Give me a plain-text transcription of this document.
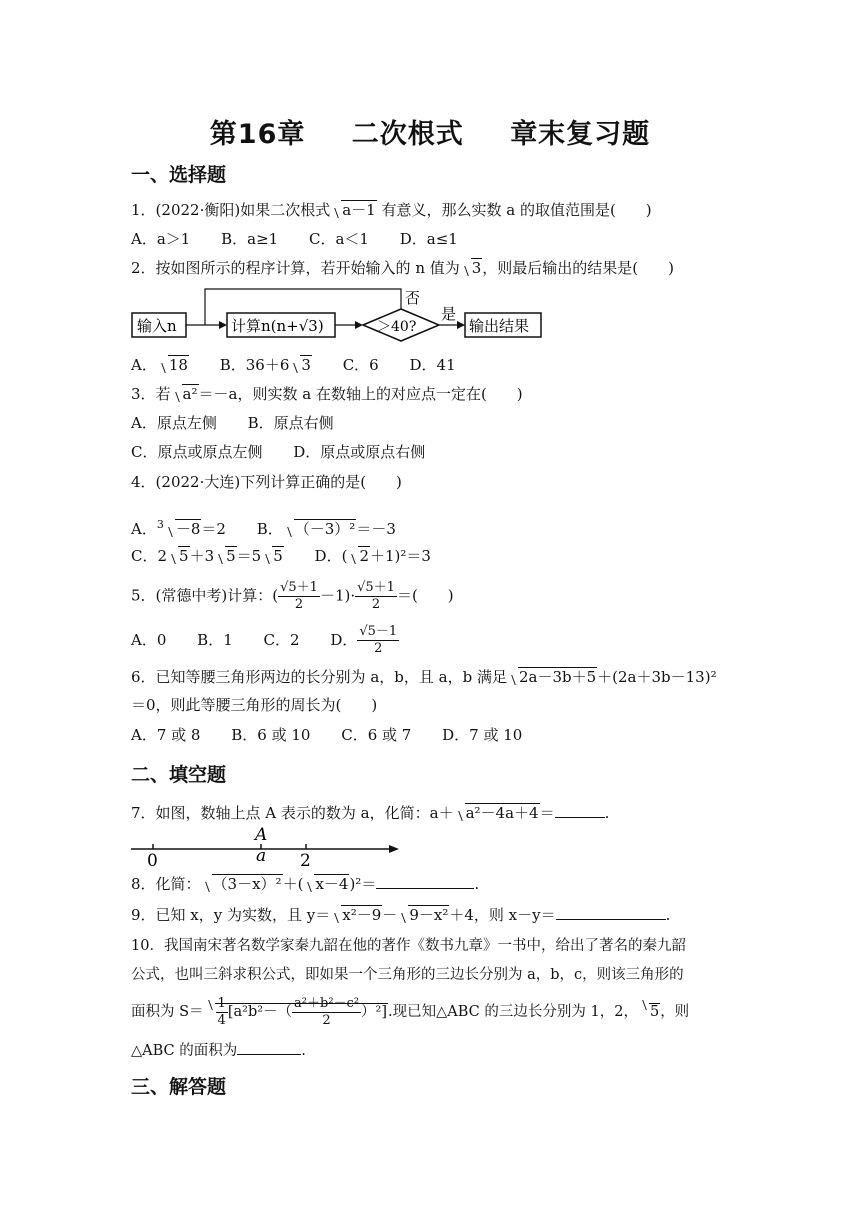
第16章 二次根式 章末复习题
一、选择题
1．(2022·衡阳)如果二次根式 a－1 有意义，那么实数 a 的取值范围是(　　)
A．a＞1 B．a≥1 C．a＜1 D．a≤1
2．按如图所示的程序计算，若开始输入的 n 值为 3，则最后输出的结果是(　　)
输入n	计算n(n+√3)	＞40?
否
是
输出结果
A． 18 B．36＋6 3 C．6 D．41
3．若 a²＝－a，则实数 a 在数轴上的对应点一定在(　　)
A．原点左侧 B．原点右侧
C．原点或原点左侧 D．原点或原点右侧
4．(2022·大连)下列计算正确的是(　　)
A．$^3$ －8＝2 B． （－3）²＝－3
C．2 5＋3 5＝5 5 D．( 2＋1)²＝3
5．(常德中考)计算：( $\frac{√5+1}{2} -1)\cdot \frac{√5+1}{2}$ ＝(　　)
A．0 B．1 C．2 D． $\frac{√5-1}{2}$
6．已知等腰三角形两边的长分别为 a，b，且 a，b 满足 2a－3b＋5＋(2a＋3b－13)²
＝0，则此等腰三角形的周长为(　　)
A．7 或 8 B．6 或 10 C．6 或 7 D．7 或 10
二、填空题
7．如图，数轴上点 A 表示的数为 a，化简：a＋ a²－4a＋4＝	.
A
a
0	2
8．化简： （3－x）²＋( x－4)²＝	.
9．已知 x，y 为实数，且 y＝ x²－9－ 9－x²＋4，则 x－y＝	.
10．我国南宋著名数学家秦九韶在他的著作《数书九章》一书中，给出了著名的秦九韶
公式，也叫三斜求积公式，即如果一个三角形的三边长分别为 a，b，c，则该三角形的
面积为 $S= \frac{1}{4} [a^2b^2-( \frac{\text{a²＋b²－c²}}{2} )^2]$.现已知△ABC 的三边长分别为 1，2， 5，则
△ABC 的面积为	.
三、解答题
